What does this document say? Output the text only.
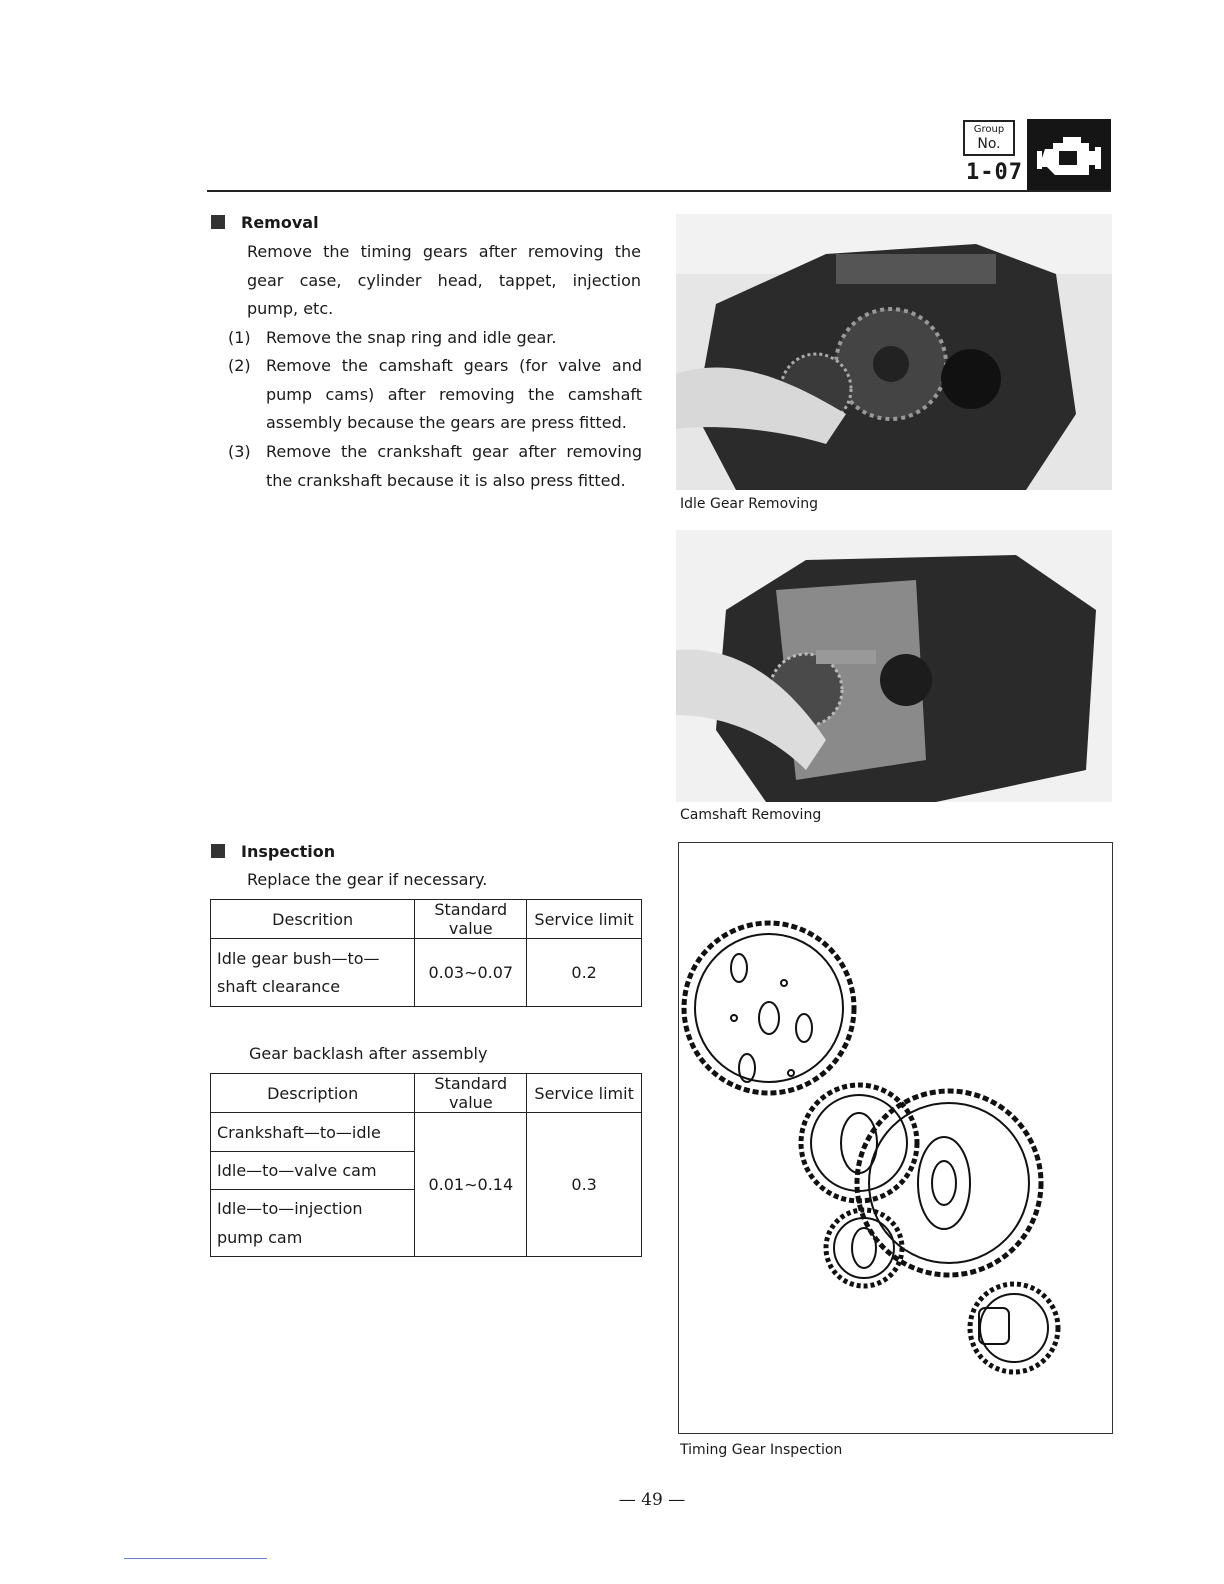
Group
No.
1-07
Removal
Remove the timing gears after removing the gear case, cylinder head, tappet, injection pump, etc.
(1) Remove the snap ring and idle gear.
(2) Remove the camshaft gears (for valve and pump cams) after removing the camshaft assembly because the gears are press fitted.
(3) Remove the crankshaft gear after removing the crankshaft because it is also press fitted.
Idle Gear Removing
Camshaft Removing
Inspection
Replace the gear if necessary.
Descrition	Standard value	Service limit

Idle gear bush—to—
shaft clearance	0.03∼0.07	0.2
Gear backlash after assembly
Description	Standard value	Service limit
Crankshaft—to—idle	0.01∼0.14	0.3
Idle—to—valve cam		
Idle—to—injection pump cam		
Timing Gear Inspection
— 49 —
